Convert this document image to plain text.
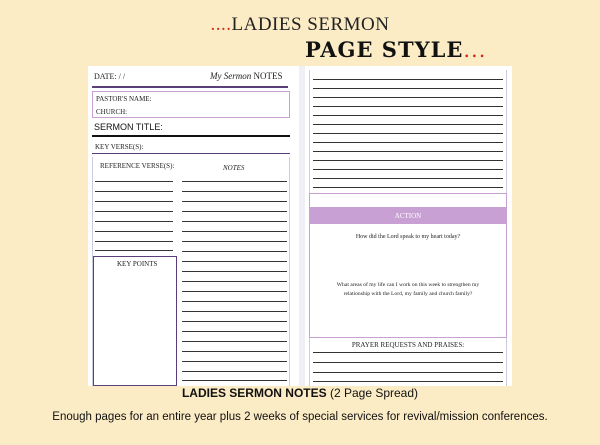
....LADIES SERMON
PAGE STYLE...
DATE: / /	My Sermon NOTES
PASTOR'S NAME:
CHURCH:
SERMON TITLE:
KEY VERSE(S):
REFERENCE VERSE(S):	NOTES
KEY POINTS
ACTION
How did the Lord speak to my heart today?
What areas of my life can I work on this week to strengthen my
relationship with the Lord, my family and church family?
PRAYER REQUESTS AND PRAISES:
LADIES SERMON NOTES (2 Page Spread)
Enough pages for an entire year plus 2 weeks of special services for revival/mission conferences.
